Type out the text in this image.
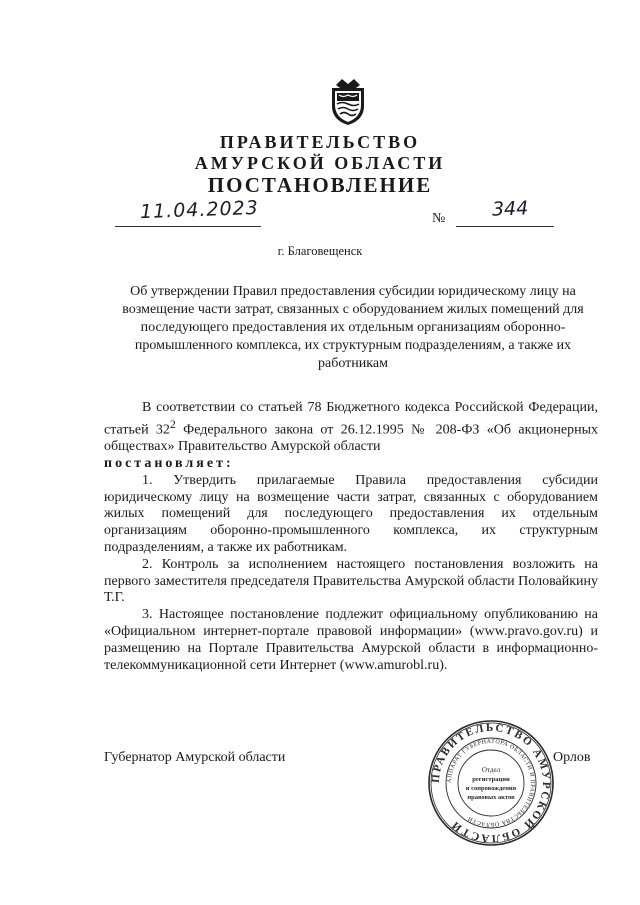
ПРАВИТЕЛЬСТВО
АМУРСКОЙ ОБЛАСТИ
ПОСТАНОВЛЕНИЕ
11.04.2023	№ 344
г. Благовещенск
Об утверждении Правил предоставления субсидии юридическому лицу на возмещение части затрат, связанных с оборудованием жилых помещений для последующего предоставления их отдельным организациям оборонно-промышленного комплекса, их структурным подразделениям, а также их работникам

В соответствии со статьей 78 Бюджетного кодекса Российской Федерации, статьей $32^2$ Федерального закона от 26.12.1995 № 208-ФЗ «Об акционерных обществах» Правительство Амурской области

постановляет:

1. Утвердить прилагаемые Правила предоставления субсидии юридическому лицу на возмещение части затрат, связанных с оборудованием жилых помещений для последующего предоставления их отдельным организациям оборонно-промышленного комплекса, их структурным подразделениям, а также их работникам.

2. Контроль за исполнением настоящего постановления возложить на первого заместителя председателя Правительства Амурской области Половайкину Т.Г.

3. Настоящее постановление подлежит официальному опубликованию на «Официальном интернет-портале правовой информации» (www.pravo.gov.ru) и размещению на Портале Правительства Амурской области в информационно-телекоммуникационной сети Интернет (www.amurobl.ru).

Губернатор Амурской области	Орлов
ПРАВИТЕЛЬСТВО АМУРСКОЙ ОБЛАСТИ
АППАРАТ ГУБЕРНАТОРА ОБЛАСТИ И ПРАВИТЕЛЬСТВА ОБЛАСТИ
Отдел
регистрации
и сопровождения
правовых актов
